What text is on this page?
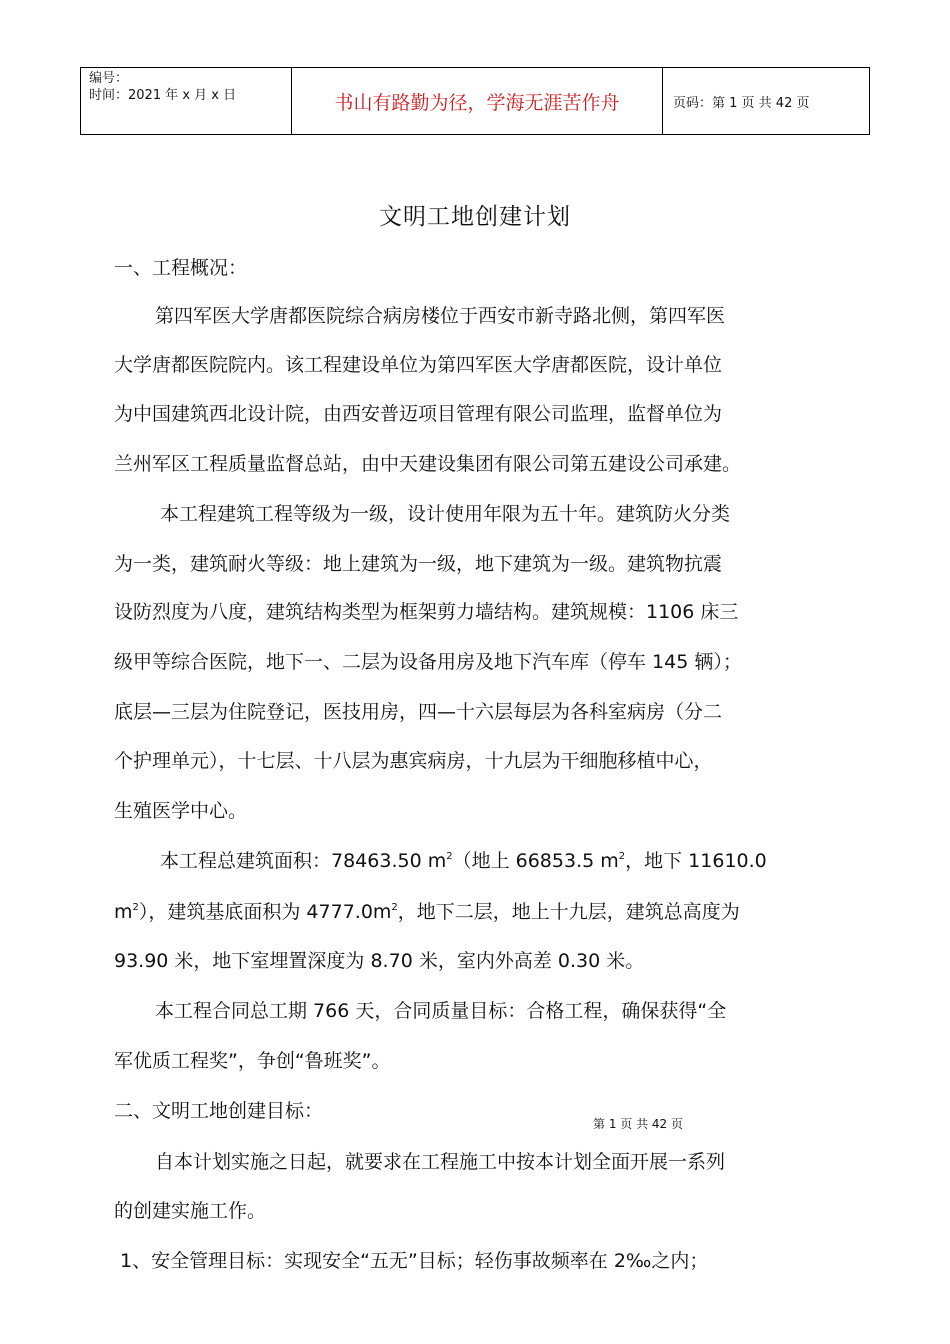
编号：
时间：2021 年 x 月 x 日	书山有路勤为径，学海无涯苦作舟	页码：第 1 页 共 42 页
文明工地创建计划
一、工程概况：
第四军医大学唐都医院综合病房楼位于西安市新寺路北侧，第四军医
大学唐都医院院内。该工程建设单位为第四军医大学唐都医院，设计单位
为中国建筑西北设计院，由西安普迈项目管理有限公司监理，监督单位为
兰州军区工程质量监督总站，由中天建设集团有限公司第五建设公司承建。
本工程建筑工程等级为一级，设计使用年限为五十年。建筑防火分类
为一类，建筑耐火等级：地上建筑为一级，地下建筑为一级。建筑物抗震
设防烈度为八度，建筑结构类型为框架剪力墙结构。建筑规模：1106 床三
级甲等综合医院，地下一、二层为设备用房及地下汽车库（停车 145 辆）；
底层—三层为住院登记，医技用房，四—十六层每层为各科室病房（分二
个护理单元），十七层、十八层为惠宾病房，十九层为干细胞移植中心，
生殖医学中心。
本工程总建筑面积：78463.50 $m^2$（地上 66853.5 $m^2$，地下 11610.0
$m^2$），建筑基底面积为 $4777.0m^2$，地下二层，地上十九层，建筑总高度为
93.90 米，地下室埋置深度为 8.70 米，室内外高差 0.30 米。
本工程合同总工期 766 天，合同质量目标：合格工程，确保获得“全
军优质工程奖”，争创“鲁班奖”。
二、文明工地创建目标：
第 1 页 共 42 页
自本计划实施之日起，就要求在工程施工中按本计划全面开展一系列
的创建实施工作。
1、安全管理目标：实现安全“五无”目标；轻伤事故频率在 2‰之内；
